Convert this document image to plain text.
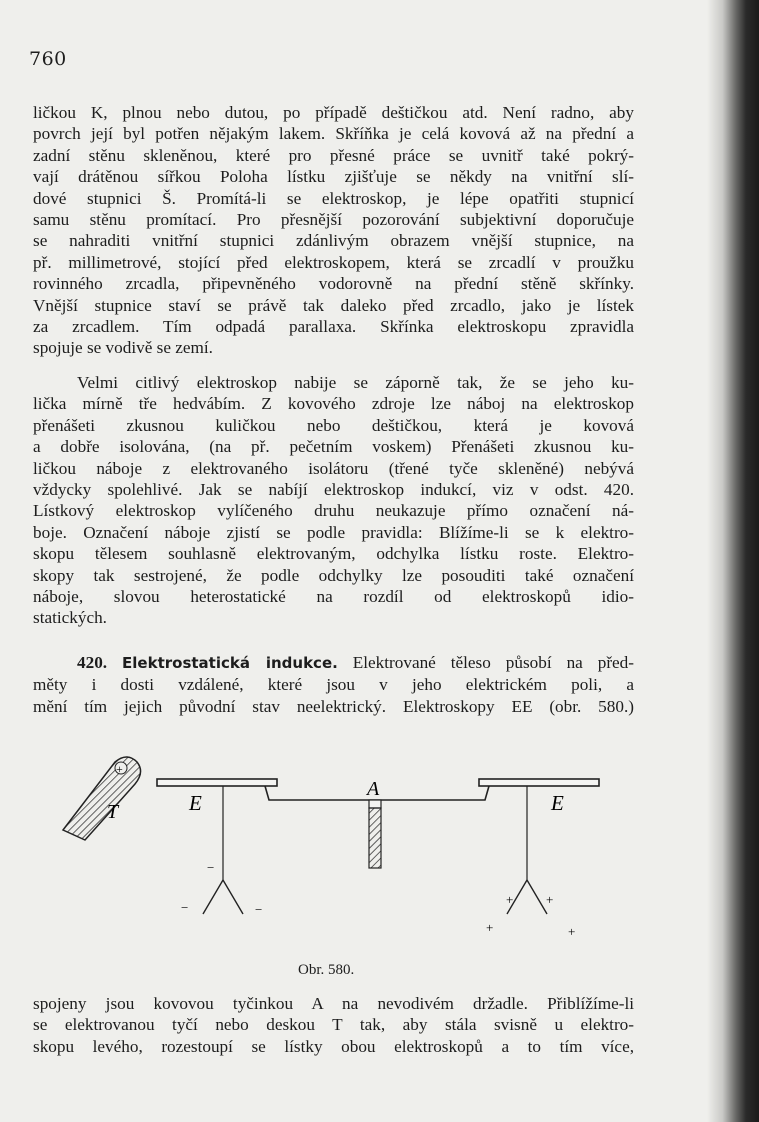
760
ličkou K, plnou nebo dutou, po případě deštičkou atd. Není radno, aby
povrch její byl potřen nějakým lakem. Skříňka je celá kovová až na přední a
zadní stěnu skleněnou, které pro přesné práce se uvnitř také pokrý-
vají drátěnou sířkou Poloha lístku zjišťuje se někdy na vnitřní slí-
dové stupnici Š. Promítá-li se elektroskop, je lépe opatřiti stupnicí
samu stěnu promítací. Pro přesnější pozorování subjektivní doporučuje
se nahraditi vnitřní stupnici zdánlivým obrazem vnější stupnice, na
př. millimetrové, stojící před elektroskopem, která se zrcadlí v proužku
rovinného zrcadla, připevněného vodorovně na přední stěně skřínky.
Vnější stupnice staví se právě tak daleko před zrcadlo, jako je lístek
za zrcadlem. Tím odpadá parallaxa. Skřínka elektroskopu zpravidla
spojuje se vodivě se zemí.
Velmi citlivý elektroskop nabije se záporně tak, že se jeho ku-
lička mírně tře hedvábím. Z kovového zdroje lze náboj na elektroskop
přenášeti zkusnou kuličkou nebo deštičkou, která je kovová
a dobře isolována, (na př. pečetním voskem) Přenášeti zkusnou ku-
ličkou náboje z elektrovaného isolátoru (třené tyče skleněné) nebývá
vždycky spolehlivé. Jak se nabíjí elektroskop indukcí, viz v odst. 420.
Lístkový elektroskop vylíčeného druhu neukazuje přímo označení ná-
boje. Označení náboje zjistí se podle pravidla: Blížíme-li se k elektro-
skopu tělesem souhlasně elektrovaným, odchylka lístku roste. Elektro-
skopy tak sestrojené, že podle odchylky lze posouditi také označení
náboje, slovou heterostatické na rozdíl od elektroskopů idio-
statických.
420. Elektrostatická indukce. Elektrované těleso působí na před-
měty i dosti vzdálené, které jsou v jeho elektrickém poli, a
mění tím jejich původní stav neelektrický. Elektroskopy EE (obr. 580.)
+
T	E
−
−	−
A
E
+	+
+	+
Obr. 580.
spojeny jsou kovovou tyčinkou A na nevodivém držadle. Přiblížíme-li
se elektrovanou tyčí nebo deskou T tak, aby stála svisně u elektro-
skopu levého, rozestoupí se lístky obou elektroskopů a to tím více,
